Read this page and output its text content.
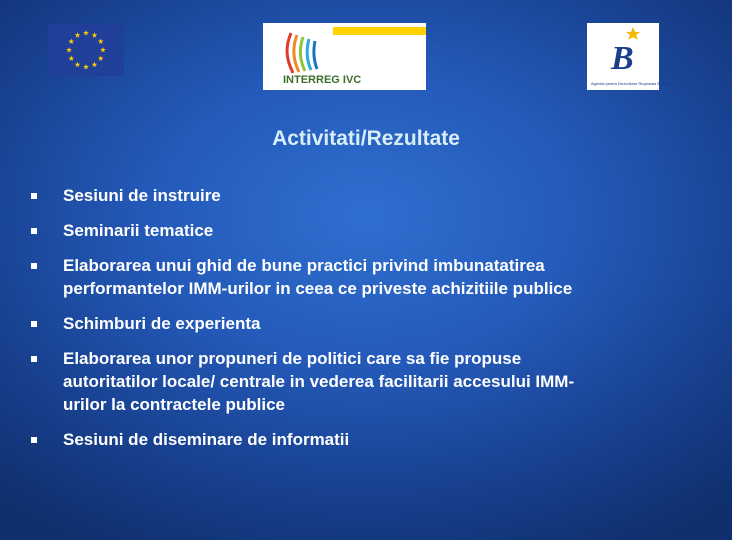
INTERREG IVC
B
Agentia pentru Dezvoltare Regionala Bucuresti - Ilfov
Activitati/Rezultate
Sesiuni de instruire
Seminarii tematice
Elaborarea unui ghid de bune practici privind imbunatatirea
performantelor IMM-urilor in ceea ce priveste achizitiile publice
Schimburi de experienta
Elaborarea unor propuneri de politici care sa fie propuse
autoritatilor locale/ centrale in vederea facilitarii accesului IMM-
urilor la contractele publice
Sesiuni de diseminare de informatii
